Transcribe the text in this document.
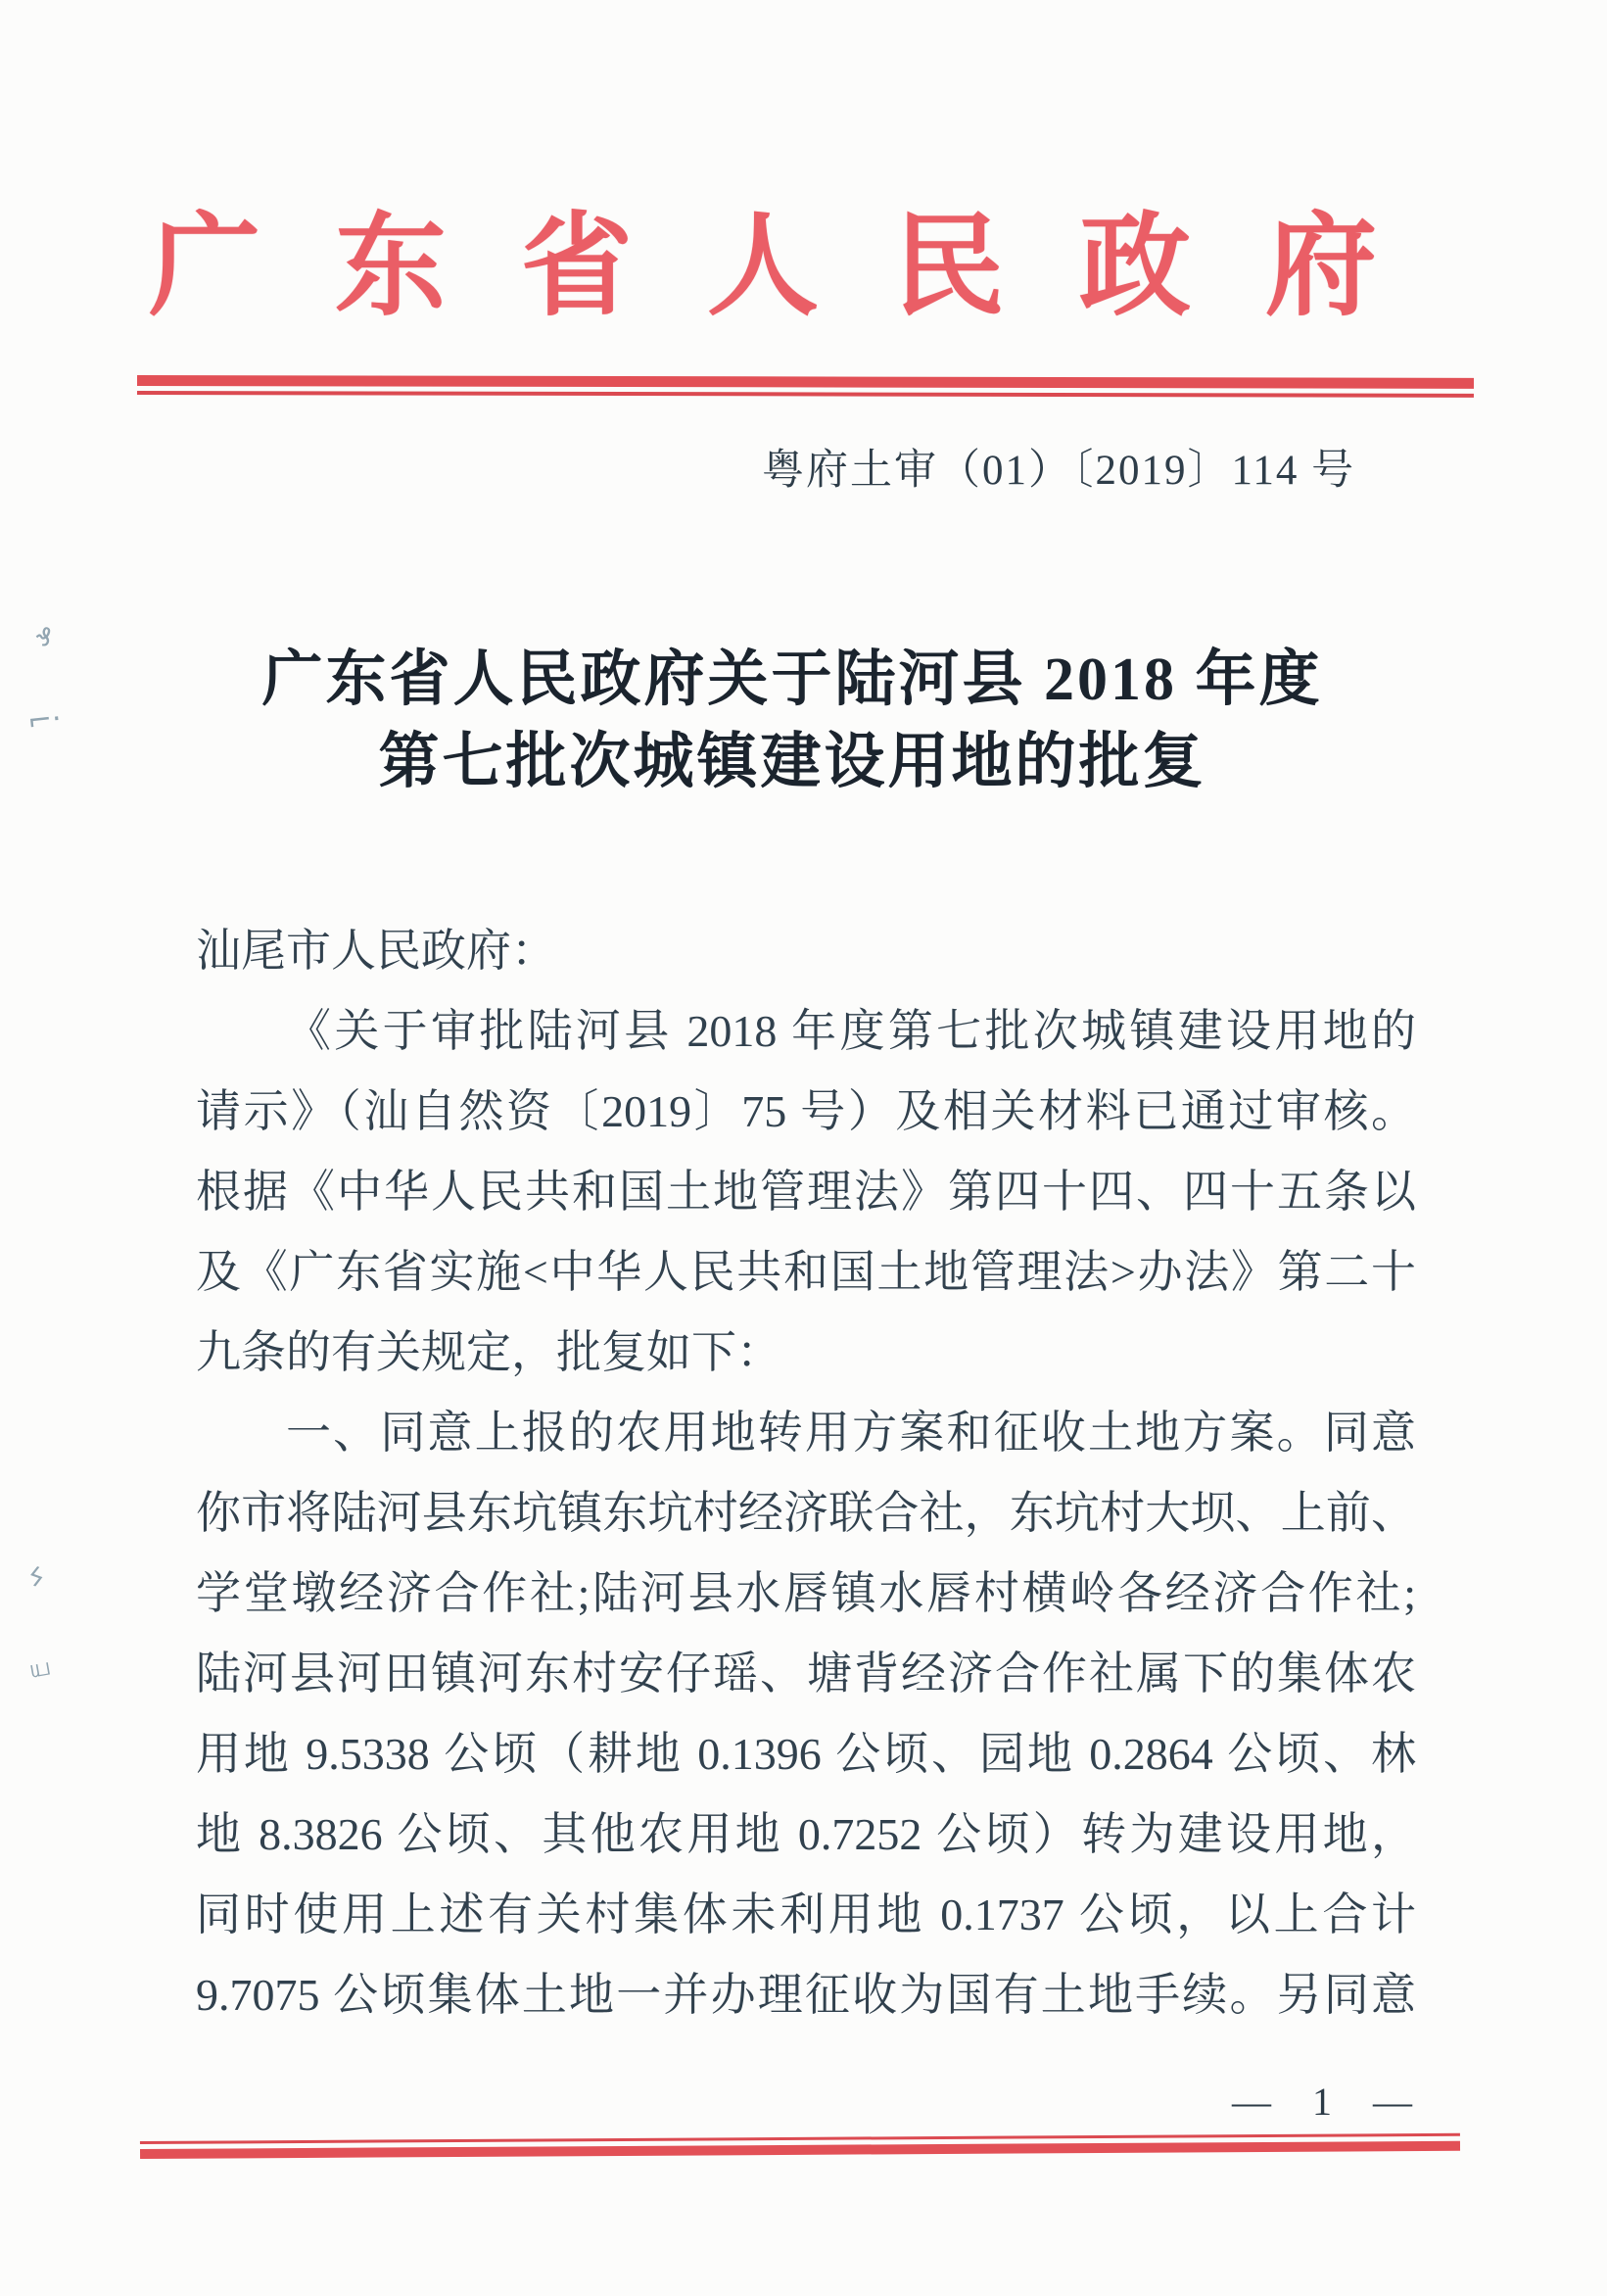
广东省人民政府
粤府土审（01）〔2019〕114 号
广东省人民政府关于陆河县 2018 年度
第七批次城镇建设用地的批复
汕尾市人民政府：
《关于审批陆河县 2018 年度第七批次城镇建设用地的
请示》（汕自然资〔2019〕75 号）及相关材料已通过审核。
根据《中华人民共和国土地管理法》第四十四、四十五条以
及《广东省实施<中华人民共和国土地管理法>办法》第二十
九条的有关规定，批复如下：
一、同意上报的农用地转用方案和征收土地方案。同意
你市将陆河县东坑镇东坑村经济联合社，东坑村大坝、上前、
学堂墩经济合作社;陆河县水唇镇水唇村横岭各经济合作社;
陆河县河田镇河东村安仔瑶、塘背经济合作社属下的集体农
用地 9.5338 公顷（耕地 0.1396 公顷、园地 0.2864 公顷、林
地 8.3826 公顷、其他农用地 0.7252 公顷）转为建设用地，
同时使用上述有关村集体未利用地 0.1737 公顷，以上合计
9.7075 公顷集体土地一并办理征收为国有土地手续。另同意
— 1 —
₰
⌐·
ϟ
ய
